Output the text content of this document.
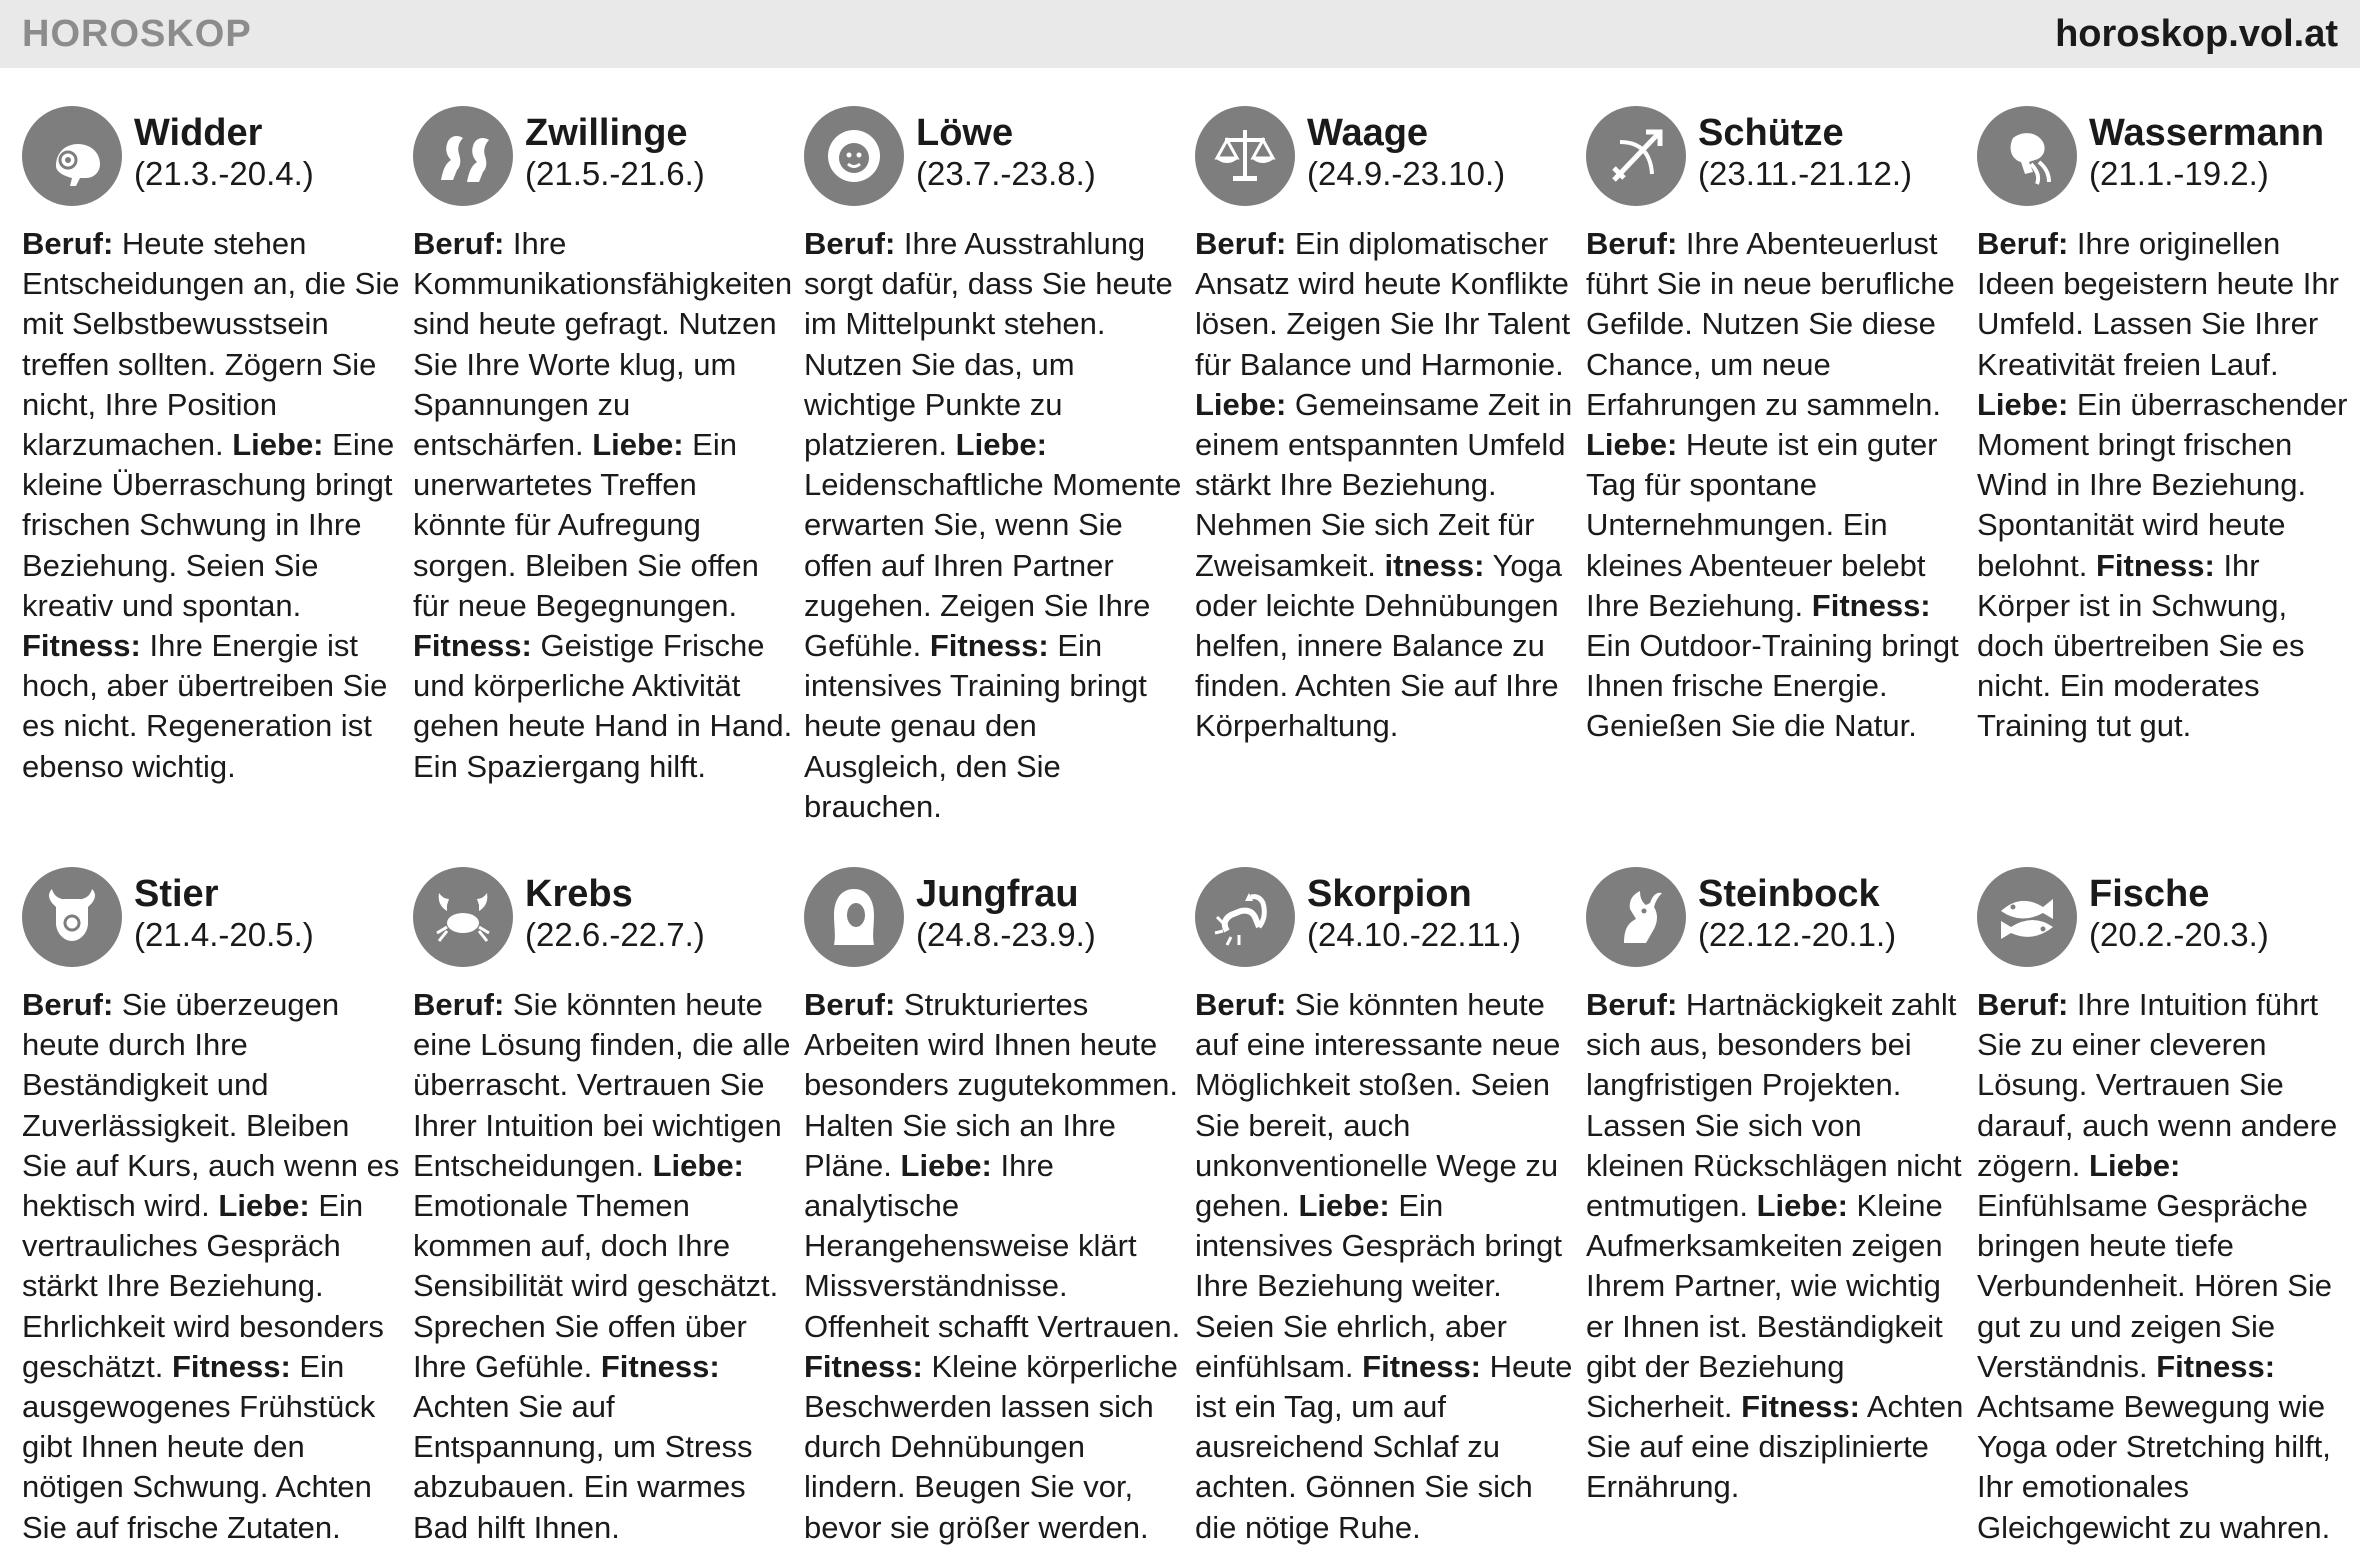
HOROSKOP	horoskop.vol.at
Widder
(21.3.-20.4.)
Beruf: Heute stehen Entscheidungen an, die Sie mit Selbstbewusstsein treffen sollten. Zögern Sie nicht, Ihre Position klarzumachen. Liebe: Eine kleine Überraschung bringt frischen Schwung in Ihre Beziehung. Seien Sie kreativ und spontan. Fitness: Ihre Energie ist hoch, aber übertreiben Sie es nicht. Regeneration ist ebenso wichtig.
Zwillinge
(21.5.-21.6.)
Beruf: Ihre Kommunikationsfähigkeiten sind heute gefragt. Nutzen Sie Ihre Worte klug, um Spannungen zu entschärfen. Liebe: Ein unerwartetes Treffen könnte für Aufregung sorgen. Bleiben Sie offen für neue Begegnungen. Fitness: Geistige Frische und körperliche Aktivität gehen heute Hand in Hand. Ein Spaziergang hilft.
Löwe
(23.7.-23.8.)
Beruf: Ihre Ausstrahlung sorgt dafür, dass Sie heute im Mittelpunkt stehen. Nutzen Sie das, um wichtige Punkte zu platzieren. Liebe: Leidenschaftliche Momente erwarten Sie, wenn Sie offen auf Ihren Partner zugehen. Zeigen Sie Ihre Gefühle. Fitness: Ein intensives Training bringt heute genau den Ausgleich, den Sie brauchen.
Waage
(24.9.-23.10.)
Beruf: Ein diplomatischer Ansatz wird heute Konflikte lösen. Zeigen Sie Ihr Talent für Balance und Harmonie. Liebe: Gemeinsame Zeit in einem entspannten Umfeld stärkt Ihre Beziehung. Nehmen Sie sich Zeit für Zweisamkeit. itness: Yoga oder leichte Dehnübungen helfen, innere Balance zu finden. Achten Sie auf Ihre Körperhaltung.
Schütze
(23.11.-21.12.)
Beruf: Ihre Abenteuerlust führt Sie in neue berufliche Gefilde. Nutzen Sie diese Chance, um neue Erfahrungen zu sammeln. Liebe: Heute ist ein guter Tag für spontane Unternehmungen. Ein kleines Abenteuer belebt Ihre Beziehung. Fitness: Ein Outdoor-Training bringt Ihnen frische Energie. Genießen Sie die Natur.
Wassermann
(21.1.-19.2.)
Beruf: Ihre originellen Ideen begeistern heute Ihr Umfeld. Lassen Sie Ihrer Kreativität freien Lauf. Liebe: Ein überraschender Moment bringt frischen Wind in Ihre Beziehung. Spontanität wird heute belohnt. Fitness: Ihr Körper ist in Schwung, doch übertreiben Sie es nicht. Ein moderates Training tut gut.
Stier
(21.4.-20.5.)
Beruf: Sie überzeugen heute durch Ihre Beständigkeit und Zuverlässigkeit. Bleiben Sie auf Kurs, auch wenn es hektisch wird. Liebe: Ein vertrauliches Gespräch stärkt Ihre Beziehung. Ehrlichkeit wird besonders geschätzt. Fitness: Ein ausgewogenes Frühstück gibt Ihnen heute den nötigen Schwung. Achten Sie auf frische Zutaten.
Krebs
(22.6.-22.7.)
Beruf: Sie könnten heute eine Lösung finden, die alle überrascht. Vertrauen Sie Ihrer Intuition bei wichtigen Entscheidungen. Liebe: Emotionale Themen kommen auf, doch Ihre Sensibilität wird geschätzt. Sprechen Sie offen über Ihre Gefühle. Fitness: Achten Sie auf Entspannung, um Stress abzubauen. Ein warmes Bad hilft Ihnen.
Jungfrau
(24.8.-23.9.)
Beruf: Strukturiertes Arbeiten wird Ihnen heute besonders zugutekommen. Halten Sie sich an Ihre Pläne. Liebe: Ihre analytische Herangehensweise klärt Missverständnisse. Offenheit schafft Vertrauen. Fitness: Kleine körperliche Beschwerden lassen sich durch Dehnübungen lindern. Beugen Sie vor, bevor sie größer werden.
Skorpion
(24.10.-22.11.)
Beruf: Sie könnten heute auf eine interessante neue Möglichkeit stoßen. Seien Sie bereit, auch unkonventionelle Wege zu gehen. Liebe: Ein intensives Gespräch bringt Ihre Beziehung weiter. Seien Sie ehrlich, aber einfühlsam. Fitness: Heute ist ein Tag, um auf ausreichend Schlaf zu achten. Gönnen Sie sich die nötige Ruhe.
Steinbock
(22.12.-20.1.)
Beruf: Hartnäckigkeit zahlt sich aus, besonders bei langfristigen Projekten. Lassen Sie sich von kleinen Rückschlägen nicht entmutigen. Liebe: Kleine Aufmerksamkeiten zeigen Ihrem Partner, wie wichtig er Ihnen ist. Beständigkeit gibt der Beziehung Sicherheit. Fitness: Achten Sie auf eine disziplinierte Ernährung.
Fische
(20.2.-20.3.)
Beruf: Ihre Intuition führt Sie zu einer cleveren Lösung. Vertrauen Sie darauf, auch wenn andere zögern. Liebe: Einfühlsame Gespräche bringen heute tiefe Verbundenheit. Hören Sie gut zu und zeigen Sie Verständnis. Fitness: Achtsame Bewegung wie Yoga oder Stretching hilft, Ihr emotionales Gleichgewicht zu wahren.
